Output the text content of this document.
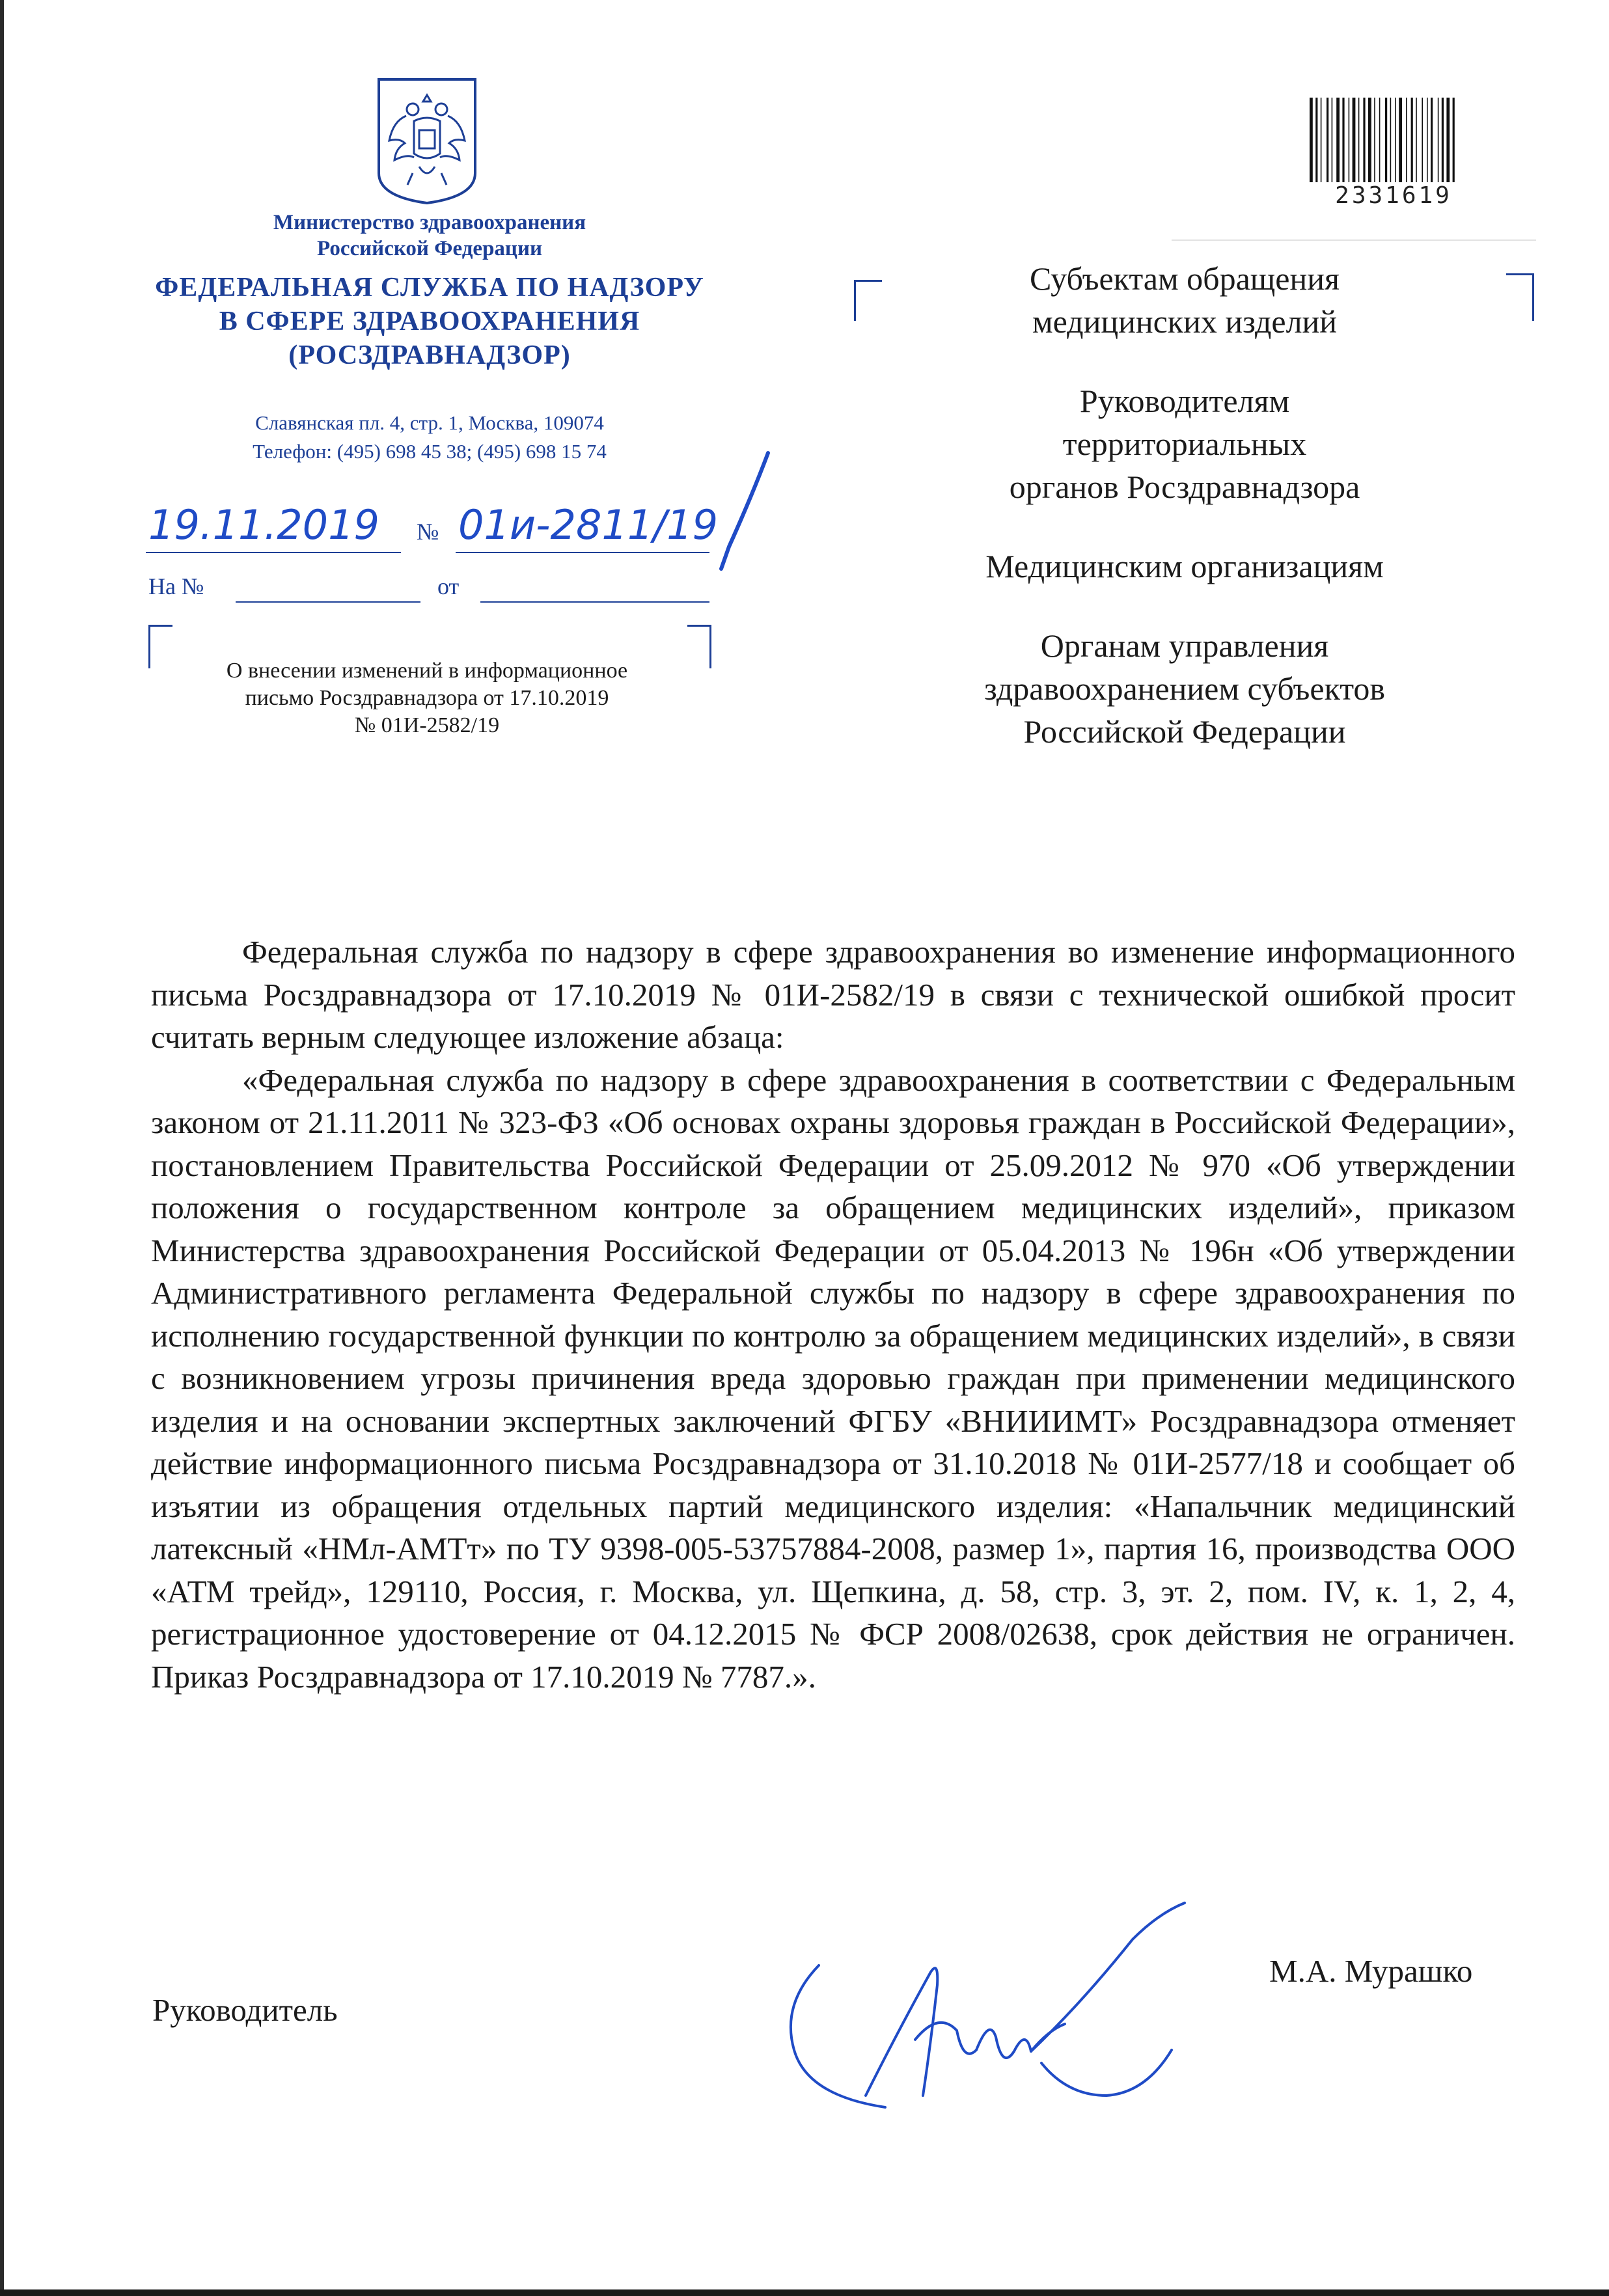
Министерство здравоохранения
Российской Федерации
ФЕДЕРАЛЬНАЯ СЛУЖБА ПО НАДЗОРУ
В СФЕРЕ ЗДРАВООХРАНЕНИЯ
(РОСЗДРАВНАДЗОР)
Славянская пл. 4, стр. 1, Москва, 109074
Телефон: (495) 698 45 38; (495) 698 15 74
19.11.2019 № 01и-2811/19
На №	от
О внесении изменений в информационное
письмо Росздравнадзора от 17.10.2019
№ 01И-2582/19
2331619
Субъектам обращения
медицинских изделий
Руководителям
территориальных
органов Росздравнадзора
Медицинским организациям
Органам управления
здравоохранением субъектов
Российской Федерации

Федеральная служба по надзору в сфере здравоохранения во изменение информационного письма Росздравнадзора от 17.10.2019 № 01И-2582/19 в связи с технической ошибкой просит считать верным следующее изложение абзаца:

«Федеральная служба по надзору в сфере здравоохранения в соответствии с Федеральным законом от 21.11.2011 № 323-ФЗ «Об основах охраны здоровья граждан в Российской Федерации», постановлением Правительства Российской Федерации от 25.09.2012 № 970 «Об утверждении положения о государственном контроле за обращением медицинских изделий», приказом Министерства здравоохранения Российской Федерации от 05.04.2013 № 196н «Об утверждении Административного регламента Федеральной службы по надзору в сфере здравоохранения по исполнению государственной функции по контролю за обращением медицинских изделий», в связи с возникновением угрозы причинения вреда здоровью граждан при применении медицинского изделия и на основании экспертных заключений ФГБУ «ВНИИИМТ» Росздравнадзора отменяет действие информационного письма Росздравнадзора от 31.10.2018 № 01И-2577/18 и сообщает об изъятии из обращения отдельных партий медицинского изделия: «Напальчник медицинский латексный «НМл-АМТт» по ТУ 9398-005-53757884-2008, размер 1», партия 16, производства ООО «АТМ трейд», 129110, Россия, г. Москва, ул. Щепкина, д. 58, стр. 3, эт. 2, пом. IV, к. 1, 2, 4, регистрационное удостоверение от 04.12.2015 № ФСР 2008/02638, срок действия не ограничен. Приказ Росздравнадзора от 17.10.2019 № 7787.».

Руководитель
М.А. Мурашко
